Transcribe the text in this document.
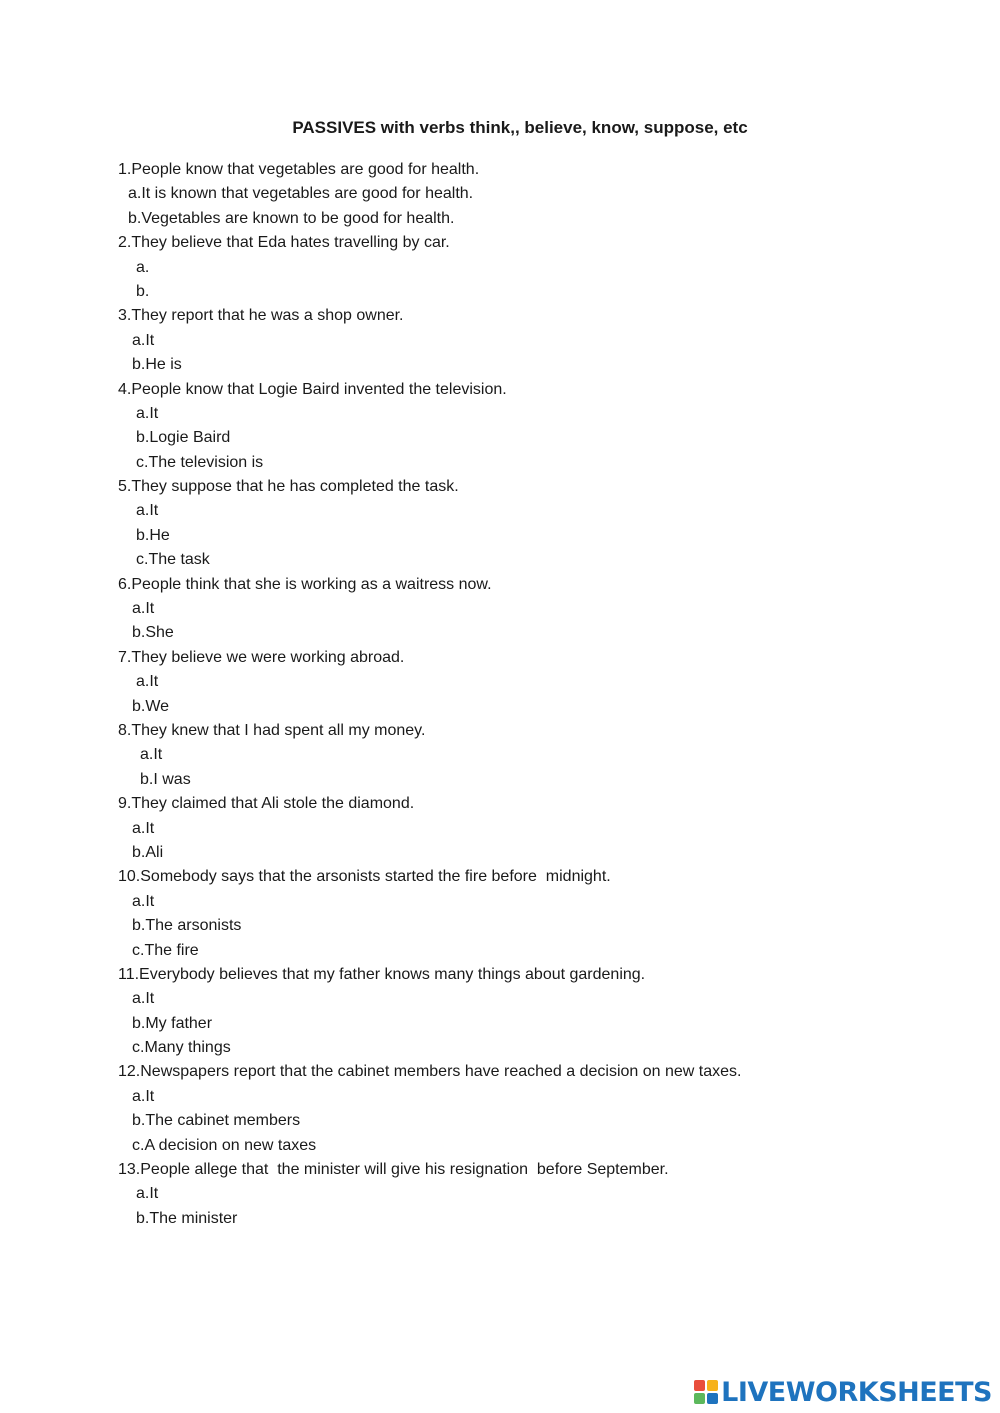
PASSIVES with verbs think,, believe, know, suppose, etc
1.People know that vegetables are good for health.
a.It is known that vegetables are good for health.
b.Vegetables are known to be good for health.
2.They believe that Eda hates travelling by car.
a.
b.
3.They report that he was a shop owner.
a.It
b.He is
4.People know that Logie Baird invented the television.
a.It
b.Logie Baird
c.The television is
5.They suppose that he has completed the task.
a.It
b.He
c.The task
6.People think that she is working as a waitress now.
a.It
b.She
7.They believe we were working abroad.
a.It
b.We
8.They knew that I had spent all my money.
a.It
b.I was
9.They claimed that Ali stole the diamond.
a.It
b.Ali
10.Somebody says that the arsonists started the fire before  midnight.
a.It
b.The arsonists
c.The fire
11.Everybody believes that my father knows many things about gardening.
a.It
b.My father
c.Many things
12.Newspapers report that the cabinet members have reached a decision on new taxes.
a.It
b.The cabinet members
c.A decision on new taxes
13.People allege that  the minister will give his resignation  before September.
a.It
b.The minister
LIVEWORKSHEETS
